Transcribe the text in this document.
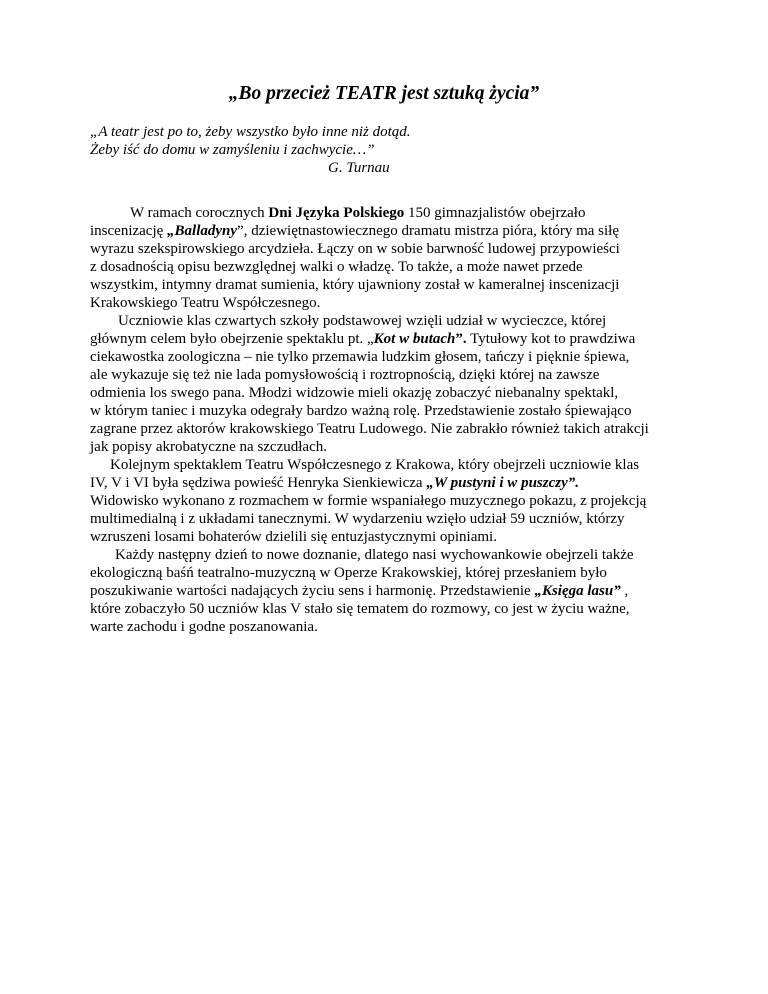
„Bo przecież TEATR jest sztuką życia”
„A teatr jest po to, żeby wszystko było inne niż dotąd.
Żeby iść do domu w zamyśleniu i zachwycie…”
G. Turnau
W ramach corocznych Dni Języka Polskiego 150 gimnazjalistów obejrzało
inscenizację „Balladyny”, dziewiętnastowiecznego dramatu mistrza pióra, który ma siłę
wyrazu szekspirowskiego arcydzieła. Łączy on w sobie barwność ludowej przypowieści
z dosadnością opisu bezwzględnej walki o władzę. To także, a może nawet przede
wszystkim, intymny dramat sumienia, który ujawniony został w kameralnej inscenizacji
Krakowskiego Teatru Współczesnego.
Uczniowie klas czwartych szkoły podstawowej wzięli udział w wycieczce, której
głównym celem było obejrzenie spektaklu pt. „Kot w butach”. Tytułowy kot to prawdziwa
ciekawostka zoologiczna – nie tylko przemawia ludzkim głosem, tańczy i pięknie śpiewa,
ale wykazuje się też nie lada pomysłowością i roztropnością, dzięki której na zawsze
odmienia los swego pana. Młodzi widzowie mieli okazję zobaczyć niebanalny spektakl,
w którym taniec i muzyka odegrały bardzo ważną rolę. Przedstawienie zostało śpiewająco
zagrane przez aktorów krakowskiego Teatru Ludowego. Nie zabrakło również takich atrakcji
jak popisy akrobatyczne na szczudłach.
Kolejnym spektaklem Teatru Współczesnego z Krakowa, który obejrzeli uczniowie klas
IV, V i VI była sędziwa powieść Henryka Sienkiewicza „W pustyni i w puszczy”.
Widowisko wykonano z rozmachem w formie wspaniałego muzycznego pokazu, z projekcją
multimedialną i z układami tanecznymi. W wydarzeniu wzięło udział 59 uczniów, którzy
wzruszeni losami bohaterów dzielili się entuzjastycznymi opiniami.
Każdy następny dzień to nowe doznanie, dlatego nasi wychowankowie obejrzeli także
ekologiczną baśń teatralno-muzyczną w Operze Krakowskiej, której przesłaniem było
poszukiwanie wartości nadających życiu sens i harmonię. Przedstawienie „Księga lasu” ,
które zobaczyło 50 uczniów klas V stało się tematem do rozmowy, co jest w życiu ważne,
warte zachodu i godne poszanowania.
